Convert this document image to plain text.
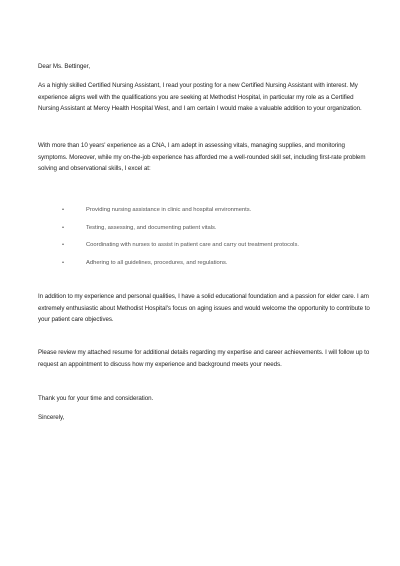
Dear Ms. Bettinger,
As a highly skilled Certified Nursing Assistant, I read your posting for a new Certified Nursing Assistant with interest. My experience aligns well with the qualifications you are seeking at Methodist Hospital, in particular my role as a Certified Nursing Assistant at Mercy Health Hospital West, and I am certain I would make a valuable addition to your organization.
With more than 10 years' experience as a CNA, I am adept in assessing vitals, managing supplies, and monitoring symptoms. Moreover, while my on-the-job experience has afforded me a well-rounded skill set, including first-rate problem solving and observational skills, I excel at:
•	Providing nursing assistance in clinic and hospital environments.
•	Testing, assessing, and documenting patient vitals.
•	Coordinating with nurses to assist in patient care and carry out treatment protocols.
•	Adhering to all guidelines, procedures, and regulations.
In addition to my experience and personal qualities, I have a solid educational foundation and a passion for elder care. I am extremely enthusiastic about Methodist Hospital's focus on aging issues and would welcome the opportunity to contribute to your patient care objectives.
Please review my attached resume for additional details regarding my expertise and career achievements. I will follow up to request an appointment to discuss how my experience and background meets your needs.
Thank you for your time and consideration.
Sincerely,
